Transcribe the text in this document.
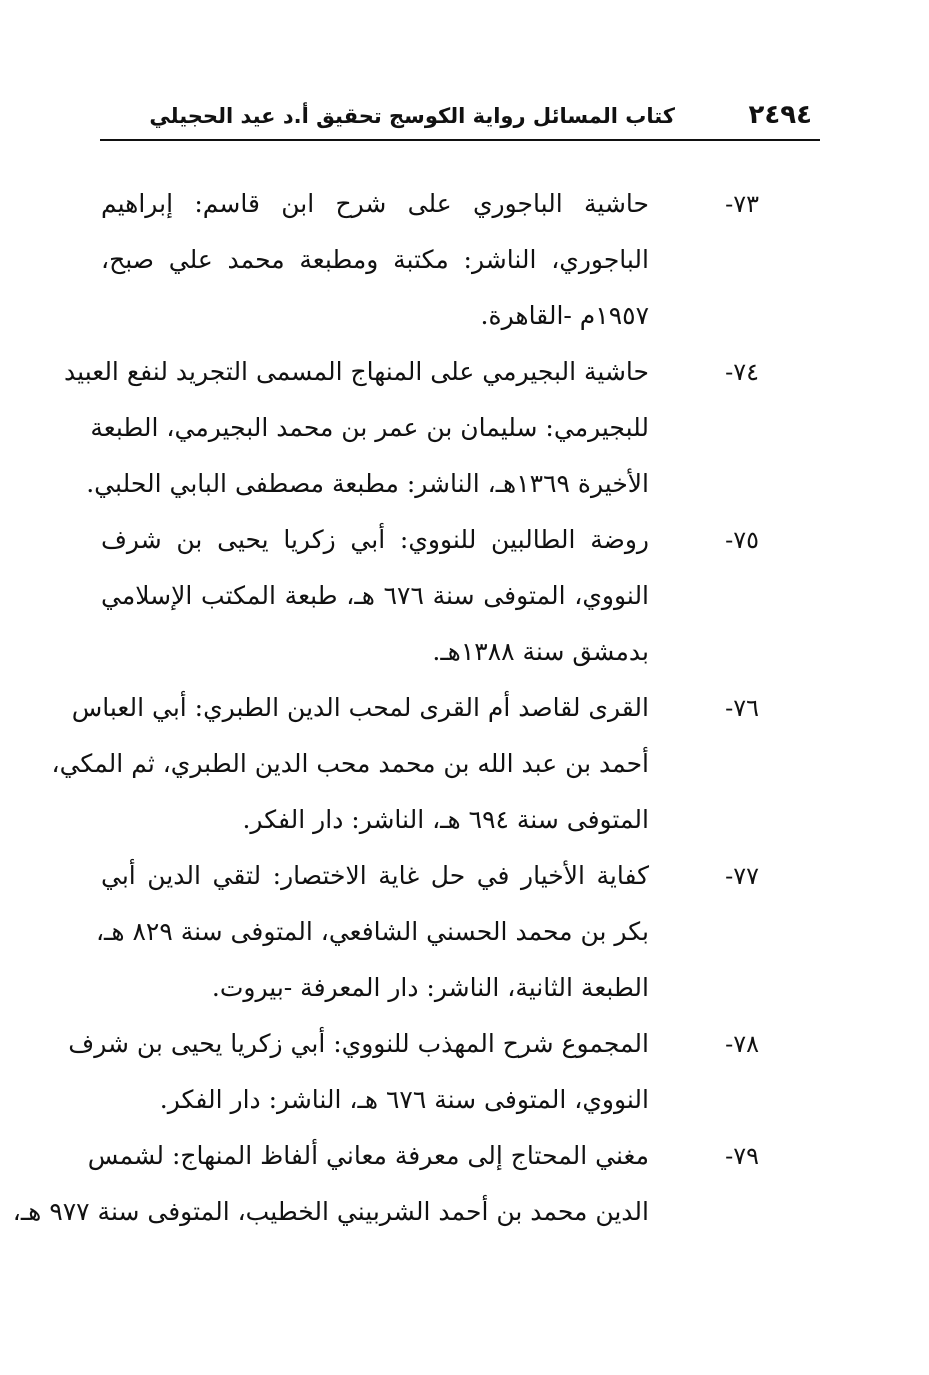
٢٤٩٤
كتاب المسائل رواية الكوسج تحقيق أ.د عيد الحجيلي
٧٣-
حاشية الباجوري على شرح ابن قاسم: إبراهيم
الباجوري، الناشر: مكتبة ومطبعة محمد علي صبح،
١٩٥٧م -القاهرة.
٧٤-
حاشية البجيرمي على المنهاج المسمى التجريد لنفع العبيد
للبجيرمي: سليمان بن عمر بن محمد البجيرمي، الطبعة
الأخيرة ١٣٦٩هـ، الناشر: مطبعة مصطفى البابي الحلبي.
٧٥-
روضة الطالبين للنووي: أبي زكريا يحيى بن شرف
النووي، المتوفى سنة ٦٧٦ هـ، طبعة المكتب الإسلامي
بدمشق سنة ١٣٨٨هـ.
٧٦-
القرى لقاصد أم القرى لمحب الدين الطبري: أبي العباس
أحمد بن عبد الله بن محمد محب الدين الطبري، ثم المكي،
المتوفى سنة ٦٩٤ هـ، الناشر: دار الفكر.
٧٧-
كفاية الأخيار في حل غاية الاختصار: لتقي الدين أبي
بكر بن محمد الحسني الشافعي، المتوفى سنة ٨٢٩ هـ،
الطبعة الثانية، الناشر: دار المعرفة -بيروت.
٧٨-
المجموع شرح المهذب للنووي: أبي زكريا يحيى بن شرف
النووي، المتوفى سنة ٦٧٦ هـ، الناشر: دار الفكر.
٧٩-
مغني المحتاج إلى معرفة معاني ألفاظ المنهاج: لشمس
الدين محمد بن أحمد الشربيني الخطيب، المتوفى سنة ٩٧٧ هـ،
